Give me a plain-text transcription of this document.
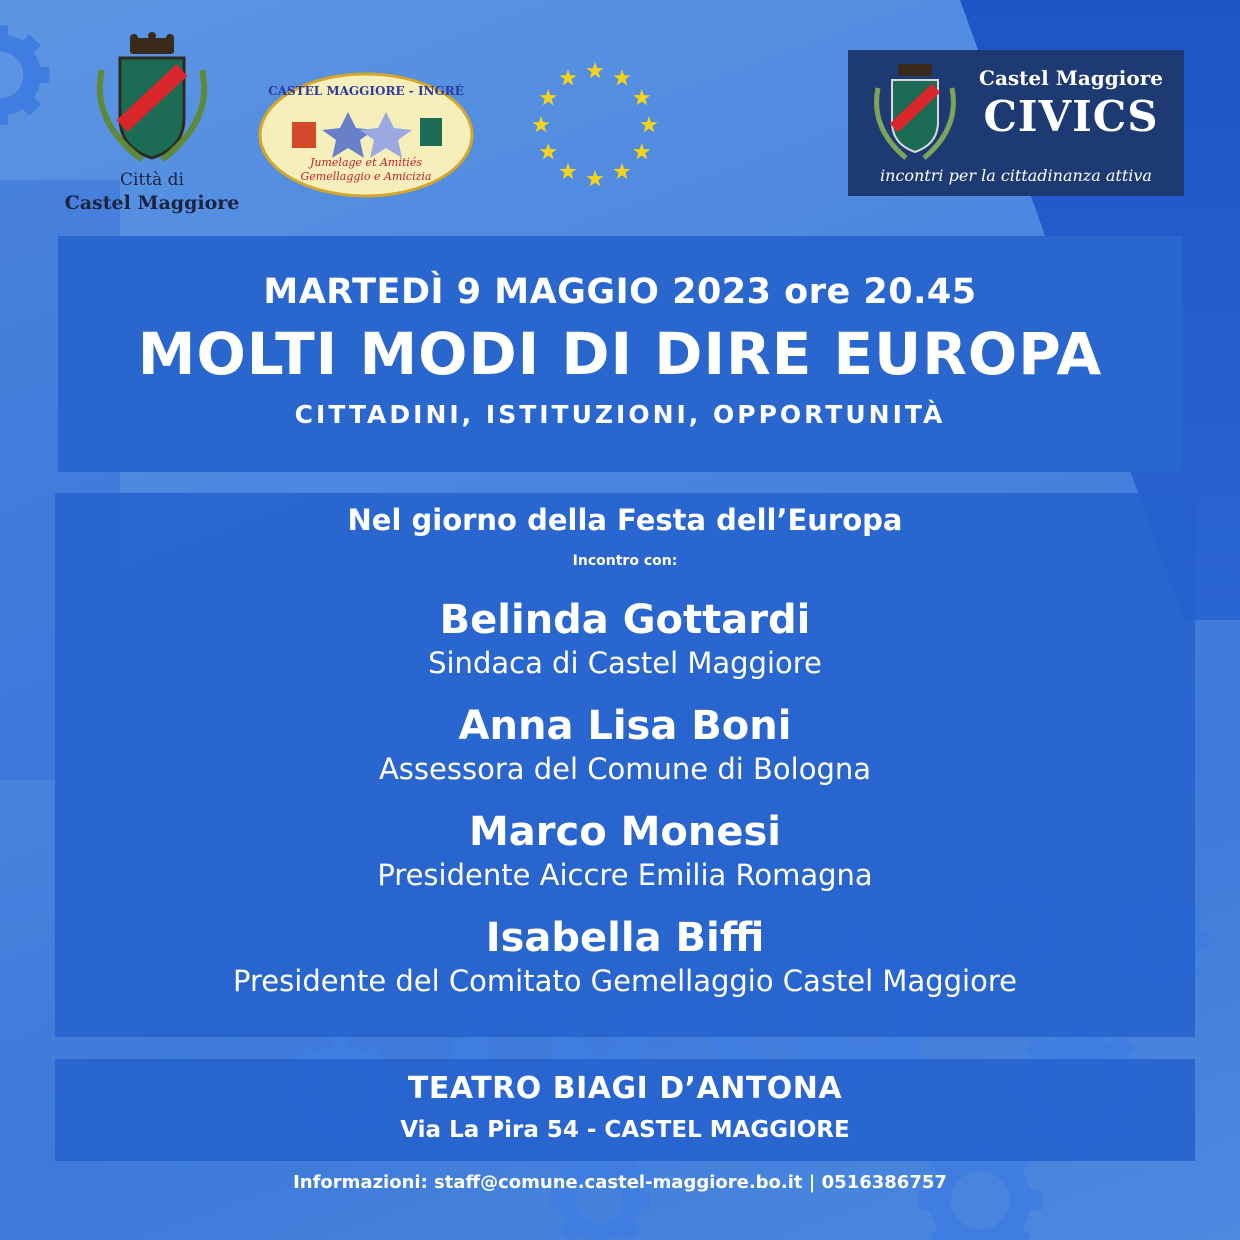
Città di
Castel Maggiore
CASTEL MAGGIORE - INGRÉ
Jumelage et Amitiés
Gemellaggio e Amicizia
Castel Maggiore
CIVICS
incontri per la cittadinanza attiva
MARTEDÌ 9 MAGGIO 2023 ore 20.45
MOLTI MODI DI DIRE EUROPA
CITTADINI, ISTITUZIONI, OPPORTUNITÀ
Nel giorno della Festa dell’Europa
Incontro con:
Belinda Gottardi
Sindaca di Castel Maggiore
Anna Lisa Boni
Assessora del Comune di Bologna
Marco Monesi
Presidente Aiccre Emilia Romagna
Isabella Biffi
Presidente del Comitato Gemellaggio Castel Maggiore
TEATRO BIAGI D’ANTONA
Via La Pira 54 - CASTEL MAGGIORE
Informazioni: staff@comune.castel-maggiore.bo.it | 0516386757
